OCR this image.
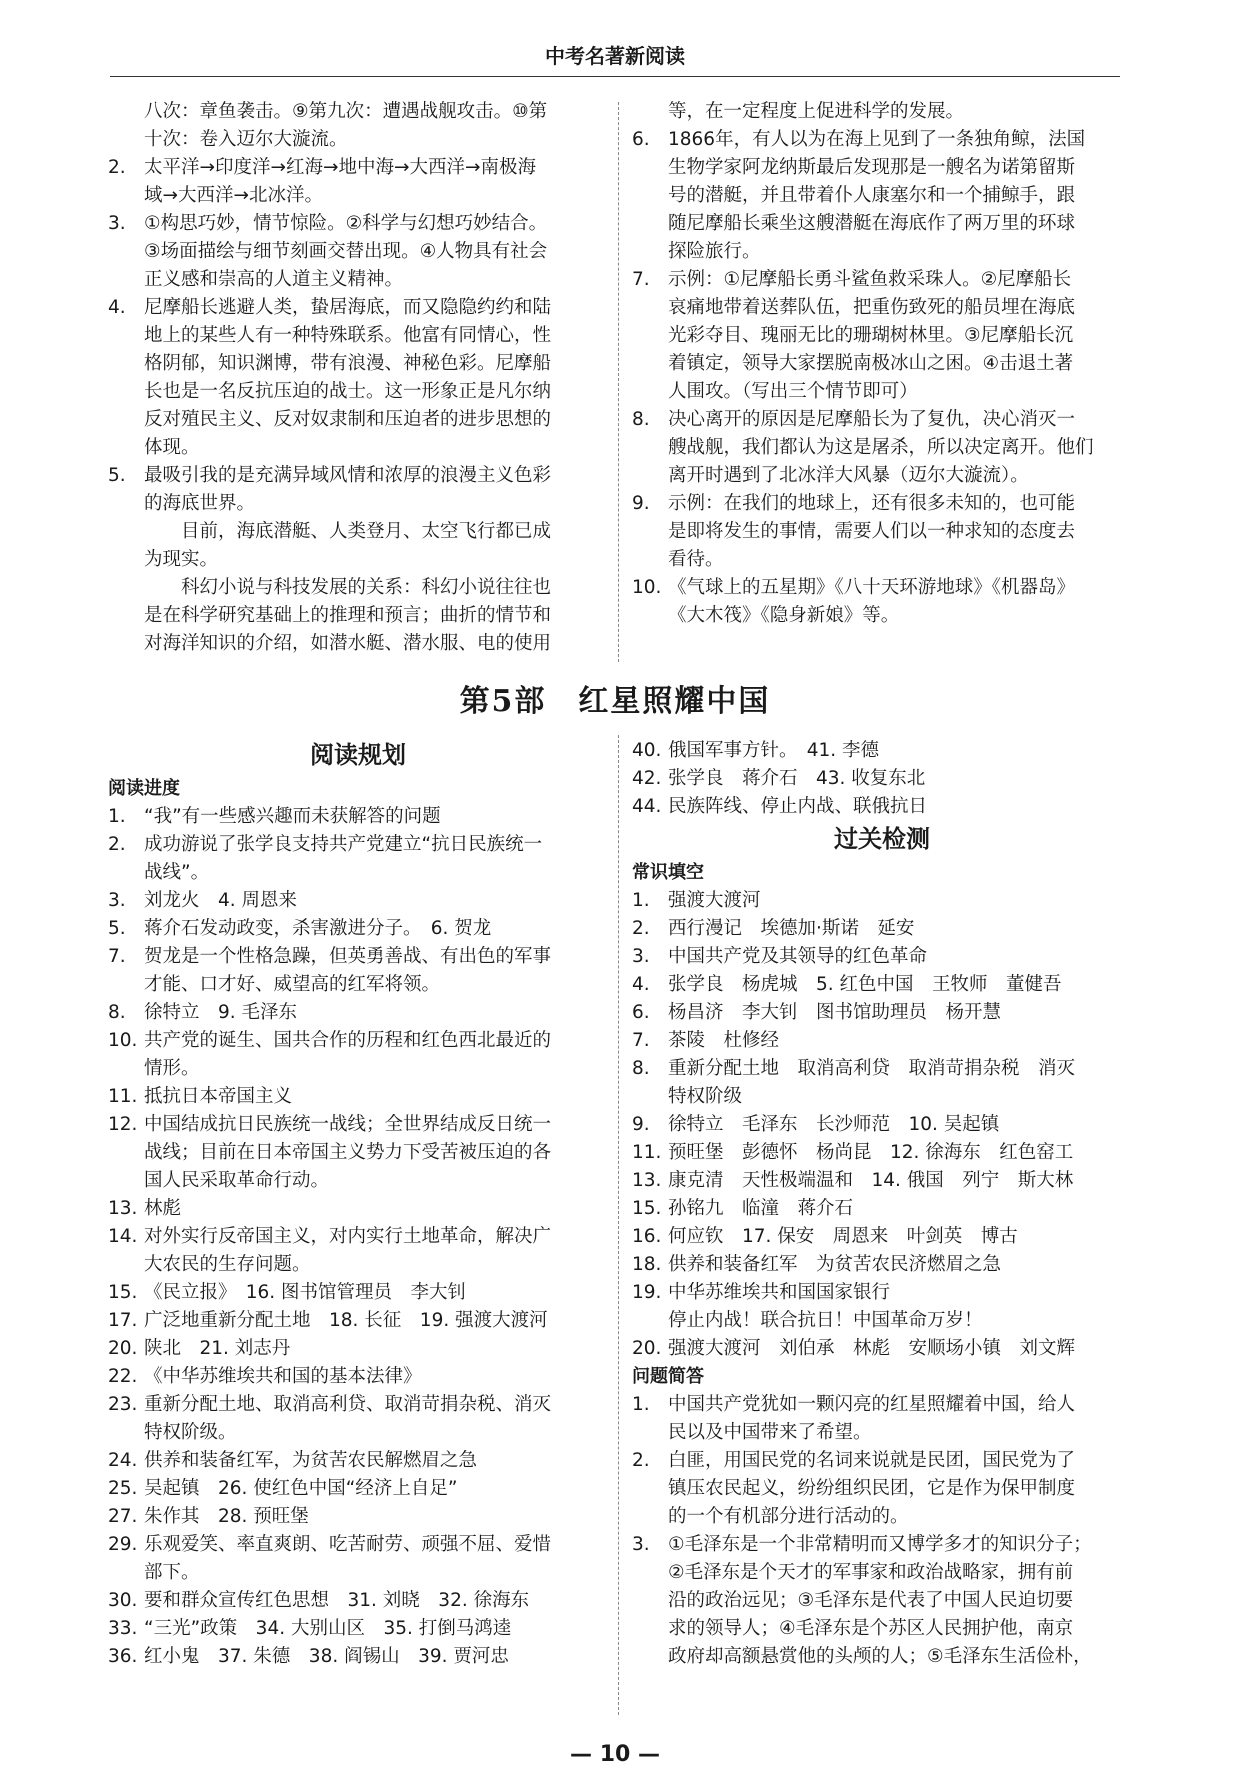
中考名著新阅读
八次：章鱼袭击。⑨第九次：遭遇战舰攻击。⑩第
十次：卷入迈尔大漩流。
2. 太平洋→印度洋→红海→地中海→大西洋→南极海
域→大西洋→北冰洋。
3. ①构思巧妙，情节惊险。②科学与幻想巧妙结合。
③场面描绘与细节刻画交替出现。④人物具有社会
正义感和崇高的人道主义精神。
4. 尼摩船长逃避人类，蛰居海底，而又隐隐约约和陆
地上的某些人有一种特殊联系。他富有同情心，性
格阴郁，知识渊博，带有浪漫、神秘色彩。尼摩船
长也是一名反抗压迫的战士。这一形象正是凡尔纳
反对殖民主义、反对奴隶制和压迫者的进步思想的
体现。
5. 最吸引我的是充满异域风情和浓厚的浪漫主义色彩
的海底世界。
目前，海底潜艇、人类登月、太空飞行都已成
为现实。
科幻小说与科技发展的关系：科幻小说往往也
是在科学研究基础上的推理和预言；曲折的情节和
对海洋知识的介绍，如潜水艇、潜水服、电的使用
等，在一定程度上促进科学的发展。
6. 1866年，有人以为在海上见到了一条独角鲸，法国
生物学家阿龙纳斯最后发现那是一艘名为诺第留斯
号的潜艇，并且带着仆人康塞尔和一个捕鲸手，跟
随尼摩船长乘坐这艘潜艇在海底作了两万里的环球
探险旅行。
7. 示例：①尼摩船长勇斗鲨鱼救采珠人。②尼摩船长
哀痛地带着送葬队伍，把重伤致死的船员埋在海底
光彩夺目、瑰丽无比的珊瑚树林里。③尼摩船长沉
着镇定，领导大家摆脱南极冰山之困。④击退土著
人围攻。（写出三个情节即可）
8. 决心离开的原因是尼摩船长为了复仇，决心消灭一
艘战舰，我们都认为这是屠杀，所以决定离开。他们
离开时遇到了北冰洋大风暴（迈尔大漩流）。
9. 示例：在我们的地球上，还有很多未知的，也可能
是即将发生的事情，需要人们以一种求知的态度去
看待。
10. 《气球上的五星期》《八十天环游地球》《机器岛》
《大木筏》《隐身新娘》等。
第5部　红星照耀中国
阅读规划
阅读进度
1. “我”有一些感兴趣而未获解答的问题
2. 成功游说了张学良支持共产党建立“抗日民族统一
战线”。
3. 刘龙火　4. 周恩来
5. 蒋介石发动政变，杀害激进分子。　6. 贺龙
7. 贺龙是一个性格急躁，但英勇善战、有出色的军事
才能、口才好、威望高的红军将领。
8. 徐特立　9. 毛泽东
10. 共产党的诞生、国共合作的历程和红色西北最近的
情形。
11. 抵抗日本帝国主义
12. 中国结成抗日民族统一战线；全世界结成反日统一
战线；目前在日本帝国主义势力下受苦被压迫的各
国人民采取革命行动。
13. 林彪
14. 对外实行反帝国主义，对内实行土地革命，解决广
大农民的生存问题。
15. 《民立报》　16. 图书馆管理员　李大钊
17. 广泛地重新分配土地　18. 长征　19. 强渡大渡河
20. 陕北　21. 刘志丹
22. 《中华苏维埃共和国的基本法律》
23. 重新分配土地、取消高利贷、取消苛捐杂税、消灭
特权阶级。
24. 供养和装备红军，为贫苦农民解燃眉之急
25. 吴起镇　26. 使红色中国“经济上自足”
27. 朱作其　28. 预旺堡
29. 乐观爱笑、率直爽朗、吃苦耐劳、顽强不屈、爱惜
部下。
30. 要和群众宣传红色思想　31. 刘晓　32. 徐海东
33. “三光”政策　34. 大别山区　35. 打倒马鸿逵
36. 红小鬼　37. 朱德　38. 阎锡山　39. 贾河忠
40. 俄国军事方针。　41. 李德
42. 张学良　蒋介石　43. 收复东北
44. 民族阵线、停止内战、联俄抗日
过关检测
常识填空
1. 强渡大渡河
2. 西行漫记　埃德加·斯诺　延安
3. 中国共产党及其领导的红色革命
4. 张学良　杨虎城　5. 红色中国　王牧师　董健吾
6. 杨昌济　李大钊　图书馆助理员　杨开慧
7. 茶陵　杜修经
8. 重新分配土地　取消高利贷　取消苛捐杂税　消灭
特权阶级
9. 徐特立　毛泽东　长沙师范　10. 吴起镇
11. 预旺堡　彭德怀　杨尚昆　12. 徐海东　红色窑工
13. 康克清　天性极端温和　14. 俄国　列宁　斯大林
15. 孙铭九　临潼　蒋介石
16. 何应钦　17. 保安　周恩来　叶剑英　博古
18. 供养和装备红军　为贫苦农民济燃眉之急
19. 中华苏维埃共和国国家银行
停止内战！联合抗日！中国革命万岁！
20. 强渡大渡河　刘伯承　林彪　安顺场小镇　刘文辉
问题简答
1. 中国共产党犹如一颗闪亮的红星照耀着中国，给人
民以及中国带来了希望。
2. 白匪，用国民党的名词来说就是民团，国民党为了
镇压农民起义，纷纷组织民团，它是作为保甲制度
的一个有机部分进行活动的。
3. ①毛泽东是一个非常精明而又博学多才的知识分子；
②毛泽东是个天才的军事家和政治战略家，拥有前
沿的政治远见；③毛泽东是代表了中国人民迫切要
求的领导人；④毛泽东是个苏区人民拥护他，南京
政府却高额悬赏他的头颅的人；⑤毛泽东生活俭朴，
— 10 —
